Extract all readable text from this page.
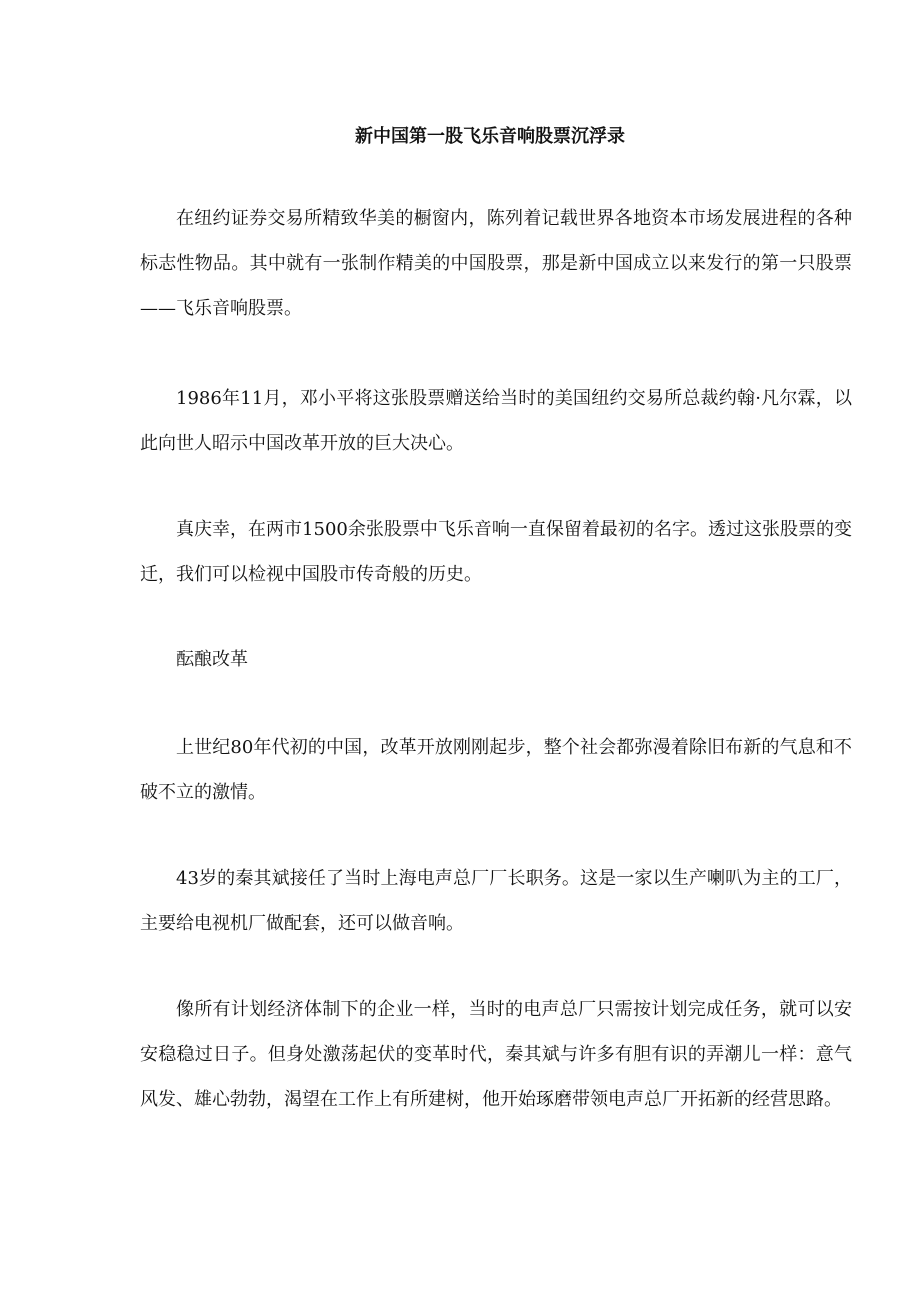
新中国第一股飞乐音响股票沉浮录

在纽约证券交易所精致华美的橱窗内，陈列着记载世界各地资本市场发展进程的各种标志性物品。其中就有一张制作精美的中国股票，那是新中国成立以来发行的第一只股票——飞乐音响股票。

1986年11月，邓小平将这张股票赠送给当时的美国纽约交易所总裁约翰·凡尔霖，以此向世人昭示中国改革开放的巨大决心。

真庆幸，在两市1500余张股票中飞乐音响一直保留着最初的名字。透过这张股票的变迁，我们可以检视中国股市传奇般的历史。

酝酿改革

上世纪80年代初的中国，改革开放刚刚起步，整个社会都弥漫着除旧布新的气息和不破不立的激情。

43岁的秦其斌接任了当时上海电声总厂厂长职务。这是一家以生产喇叭为主的工厂，主要给电视机厂做配套，还可以做音响。

像所有计划经济体制下的企业一样，当时的电声总厂只需按计划完成任务，就可以安安稳稳过日子。但身处激荡起伏的变革时代，秦其斌与许多有胆有识的弄潮儿一样：意气风发、雄心勃勃，渴望在工作上有所建树，他开始琢磨带领电声总厂开拓新的经营思路。
